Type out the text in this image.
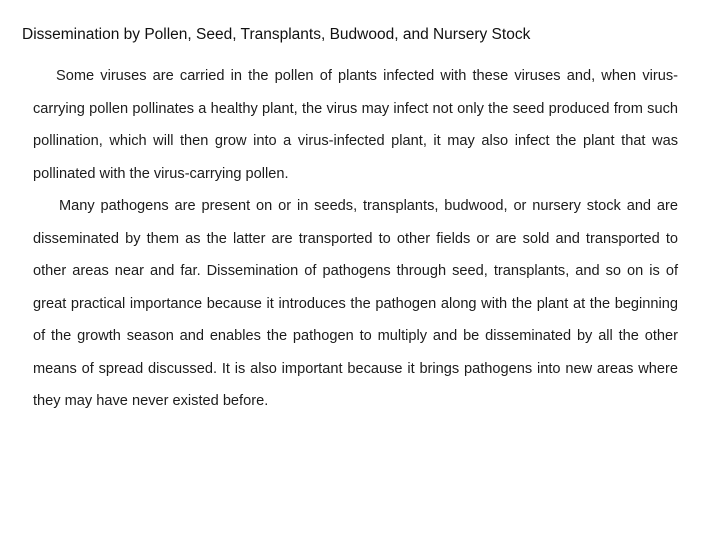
Dissemination by Pollen, Seed, Transplants, Budwood, and Nursery Stock

Some viruses are carried in the pollen of plants infected with these viruses and, when virus-carrying pollen pollinates a healthy plant, the virus may infect not only the seed produced from such pollination, which will then grow into a virus-infected plant, it may also infect the plant that was pollinated with the virus-carrying pollen.

Many pathogens are present on or in seeds, transplants, budwood, or nursery stock and are disseminated by them as the latter are transported to other fields or are sold and transported to other areas near and far. Dissemination of pathogens through seed, transplants, and so on is of great practical importance because it introduces the pathogen along with the plant at the beginning of the growth season and enables the pathogen to multiply and be disseminated by all the other means of spread discussed. It is also important because it brings pathogens into new areas where they may have never existed before.
